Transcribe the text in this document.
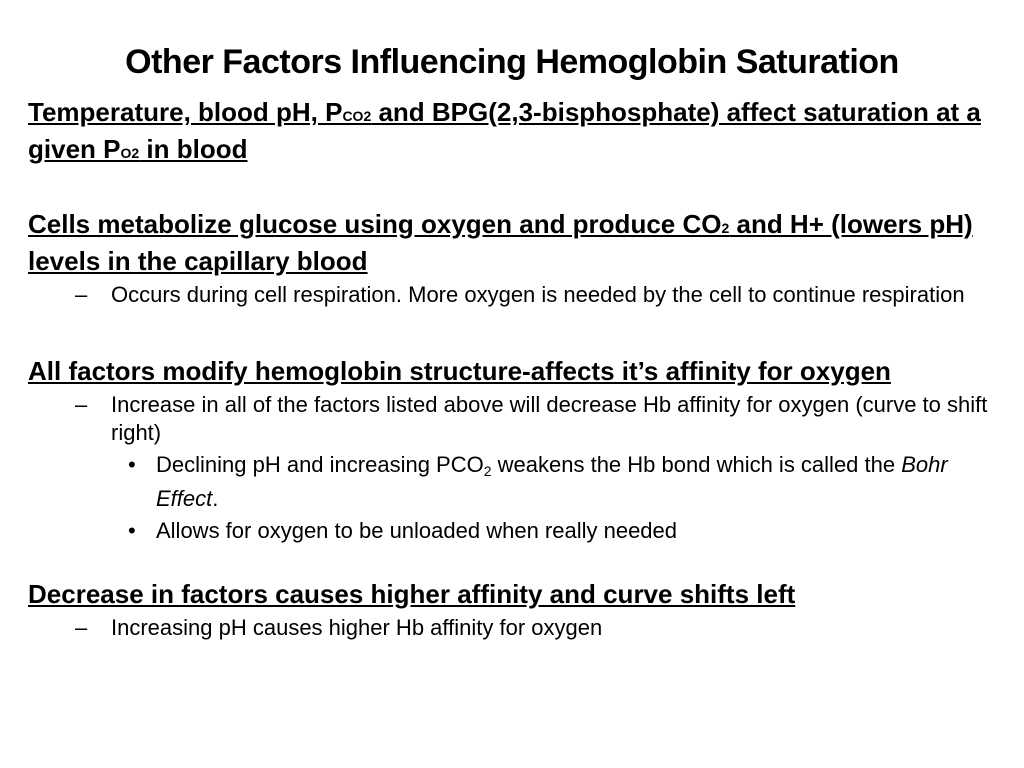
Other Factors Influencing Hemoglobin Saturation

Temperature, blood pH, PCO2 and BPG(2,3-bisphosphate) affect saturation at a given PO2 in blood

Cells metabolize glucose using oxygen and produce CO2 and H+ (lowers pH) levels in the capillary blood

– Occurs during cell respiration. More oxygen is needed by the cell to continue respiration

All factors modify hemoglobin structure-affects it’s affinity for oxygen

– Increase in all of the factors listed above will decrease Hb affinity for oxygen (curve to shift right)

• Declining pH and increasing PCO2 weakens the Hb bond which is called the Bohr Effect.

• Allows for oxygen to be unloaded when really needed

Decrease in factors causes higher affinity and curve shifts left

– Increasing pH causes higher Hb affinity for oxygen
